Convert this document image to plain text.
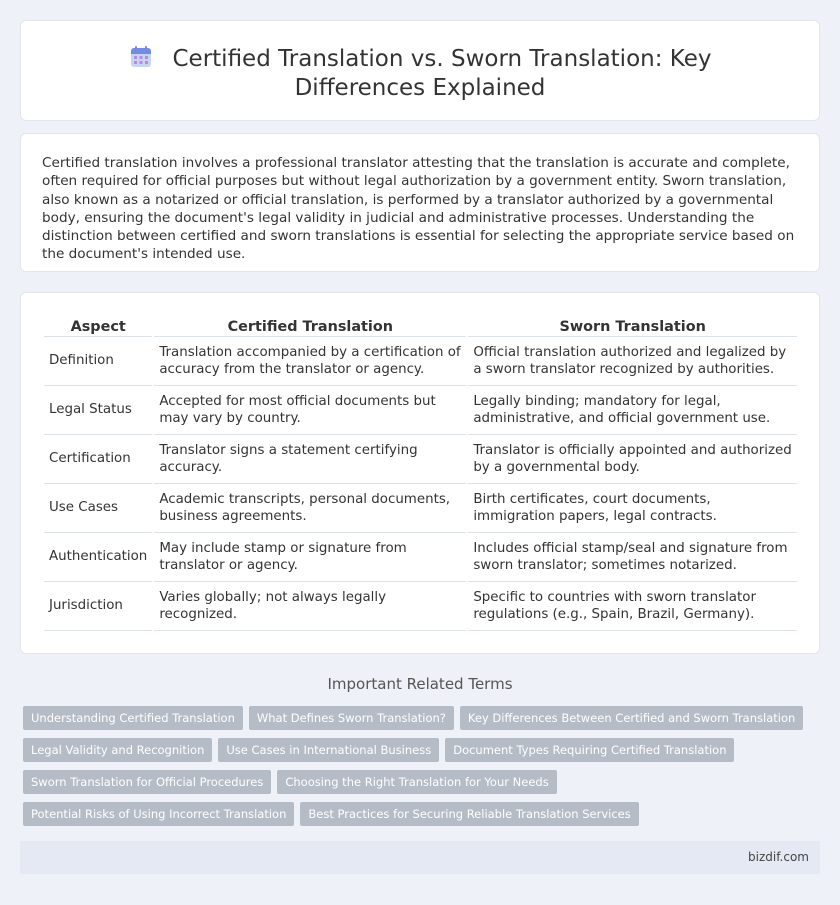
Certified Translation vs. Sworn Translation: Key Differences Explained

Certified translation involves a professional translator attesting that the translation is accurate and complete, often required for official purposes but without legal authorization by a government entity. Sworn translation, also known as a notarized or official translation, is performed by a translator authorized by a governmental body, ensuring the document's legal validity in judicial and administrative processes. Understanding the distinction between certified and sworn translations is essential for selecting the appropriate service based on the document's intended use.

Aspect	Certified Translation	Sworn Translation
Definition	Translation accompanied by a certification of accuracy from the translator or agency.	Official translation authorized and legalized by a sworn translator recognized by authorities.
Legal Status	Accepted for most official documents but may vary by country.	Legally binding; mandatory for legal, administrative, and official government use.
Certification	Translator signs a statement certifying accuracy.	Translator is officially appointed and authorized by a governmental body.
Use Cases	Academic transcripts, personal documents, business agreements.	Birth certificates, court documents, immigration papers, legal contracts.
Authentication	May include stamp or signature from translator or agency.	Includes official stamp/seal and signature from sworn translator; sometimes notarized.
Jurisdiction	Varies globally; not always legally recognized.	Specific to countries with sworn translator regulations (e.g., Spain, Brazil, Germany).
Important Related Terms
Understanding Certified Translation	What Defines Sworn Translation?	Key Differences Between Certified and Sworn Translation
Legal Validity and Recognition	Use Cases in International Business	Document Types Requiring Certified Translation
Sworn Translation for Official Procedures	Choosing the Right Translation for Your Needs
Potential Risks of Using Incorrect Translation	Best Practices for Securing Reliable Translation Services
bizdif.com
